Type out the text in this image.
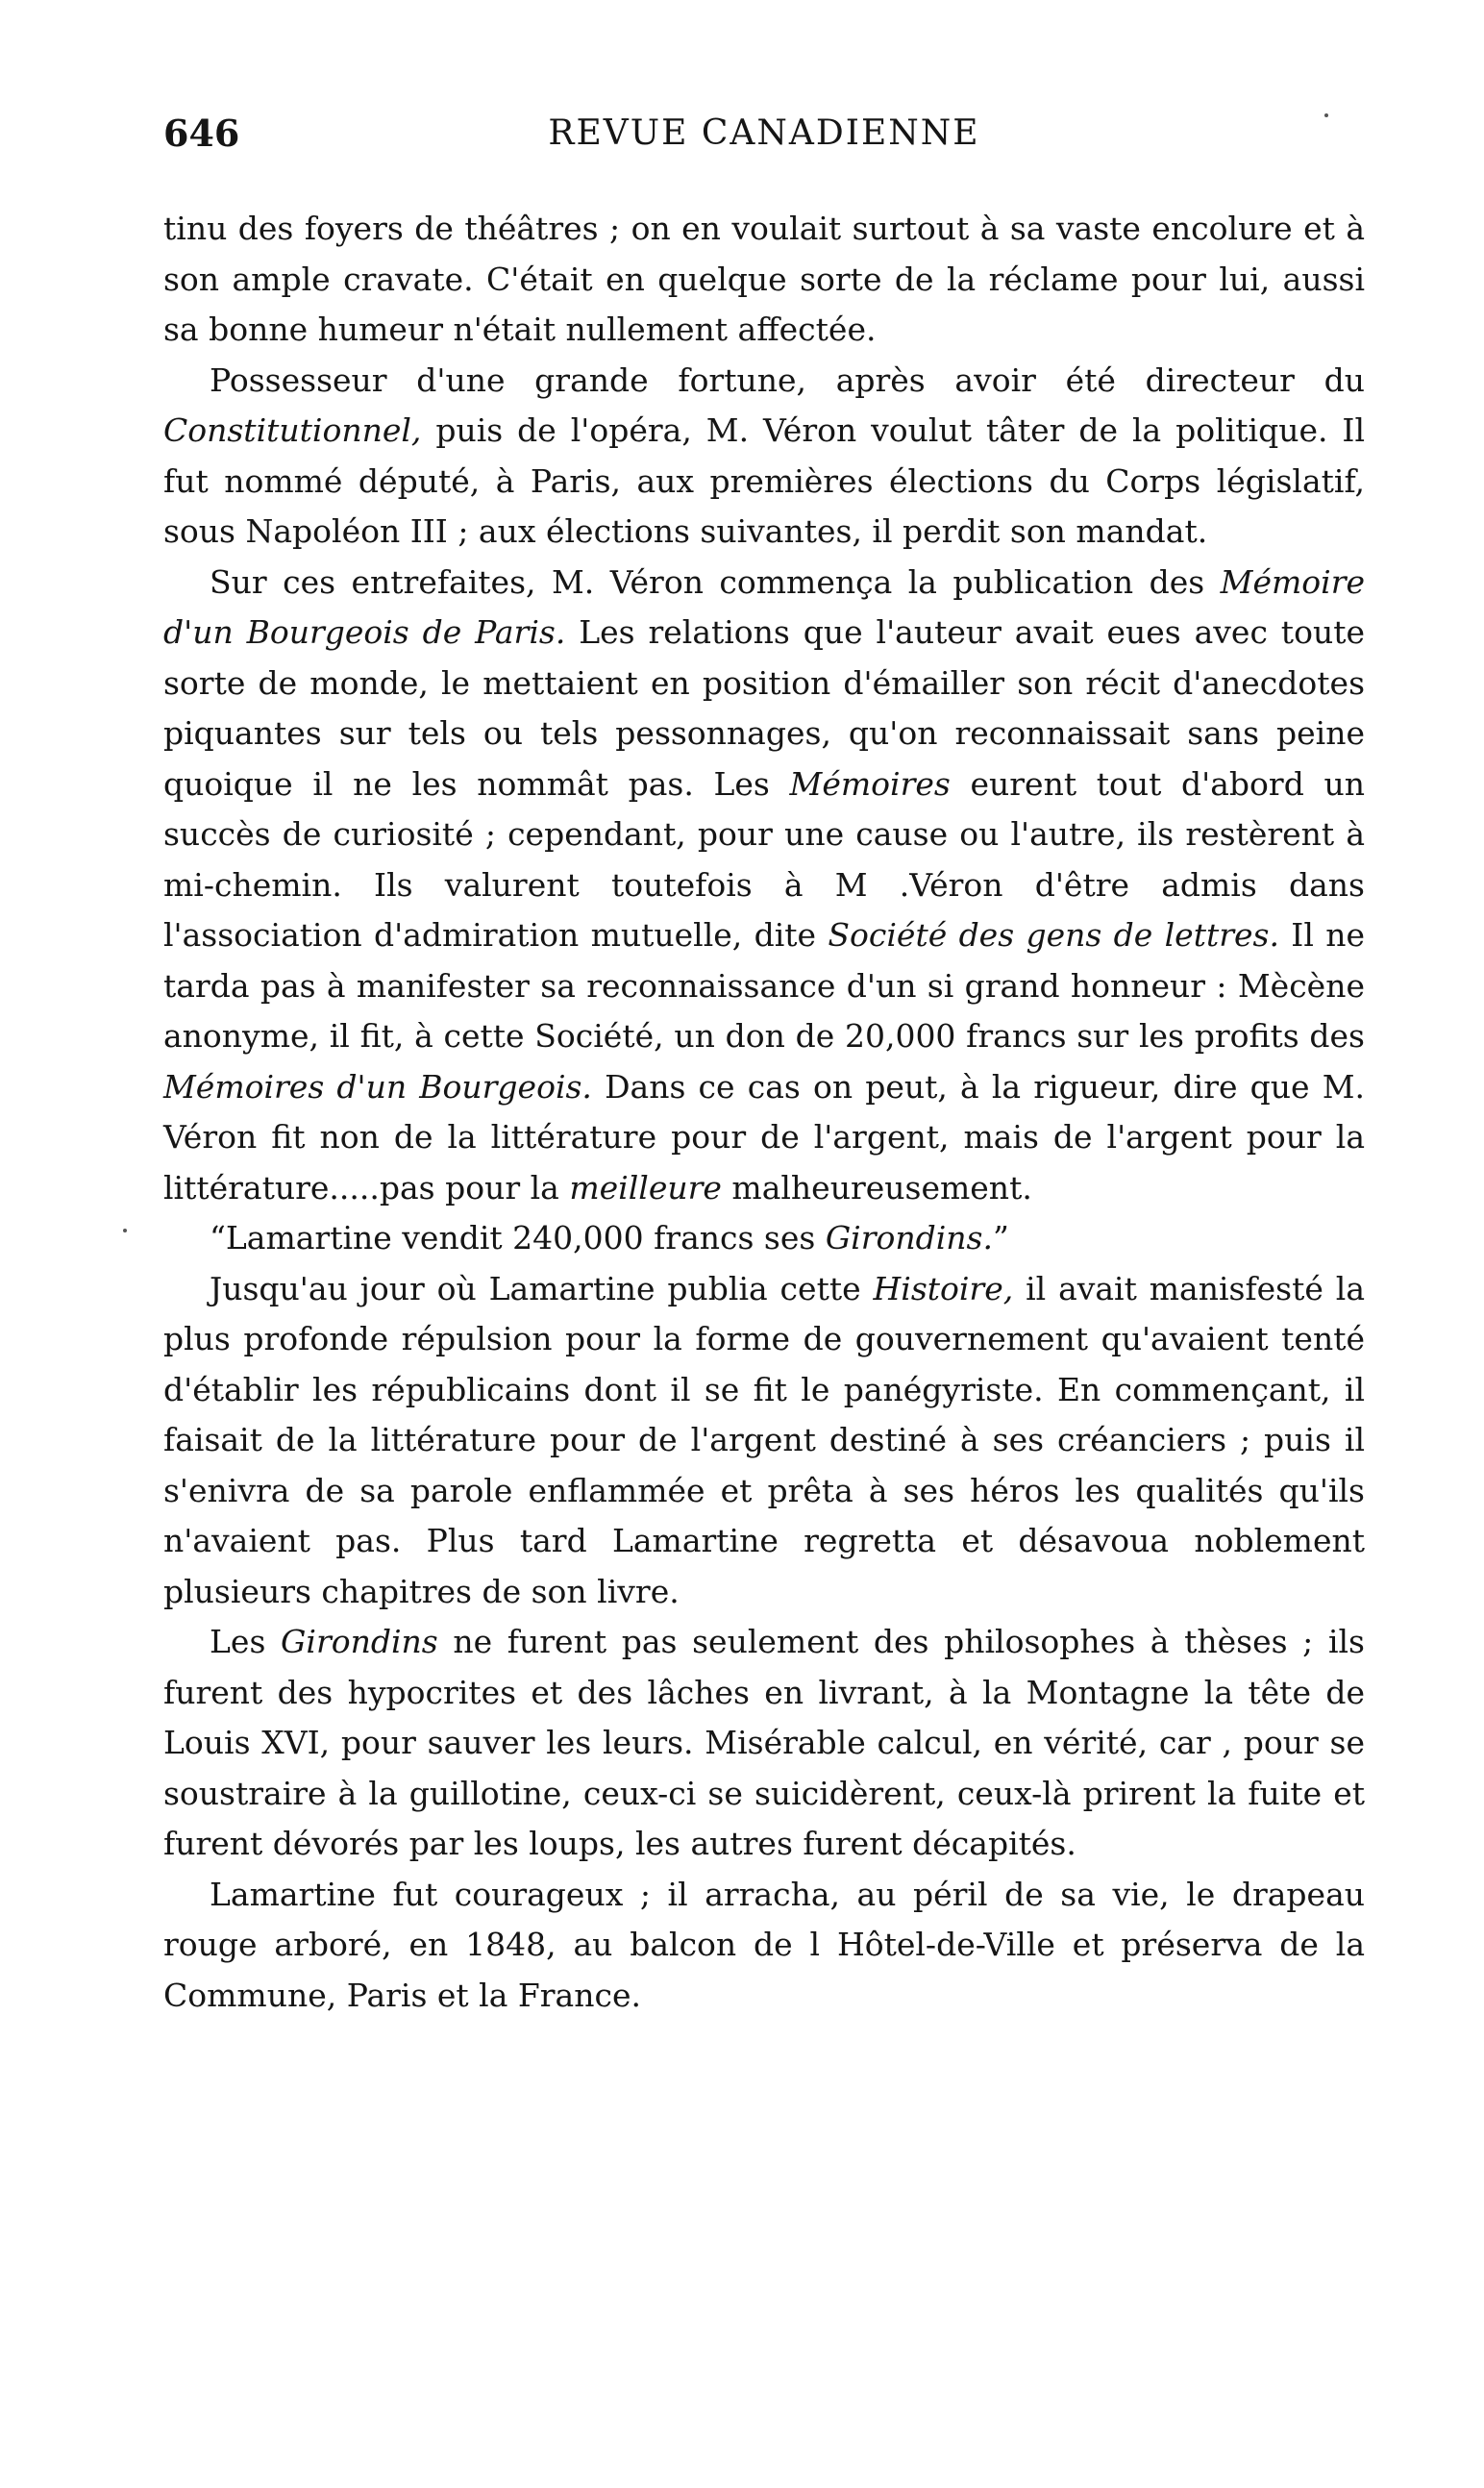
646	REVUE CANADIENNE

tinu des foyers de théâtres ; on en voulait surtout à sa vaste encolure et à son ample cravate. C'était en quelque sorte de la réclame pour lui, aussi sa bonne humeur n'était nullement affectée.

Possesseur d'une grande fortune, après avoir été directeur du Constitutionnel, puis de l'opéra, M. Véron voulut tâter de la politique. Il fut nommé député, à Paris, aux premières élections du Corps législatif, sous Napoléon III ; aux élections suivantes, il perdit son mandat.

Sur ces entrefaites, M. Véron commença la publication des Mémoire d'un Bourgeois de Paris. Les relations que l'auteur avait eues avec toute sorte de monde, le mettaient en position d'émailler son récit d'anecdotes piquantes sur tels ou tels pessonnages, qu'on reconnaissait sans peine quoique il ne les nommât pas. Les Mémoires eurent tout d'abord un succès de curiosité ; cependant, pour une cause ou l'autre, ils restèrent à mi-chemin. Ils valurent toutefois à M .Véron d'être admis dans l'association d'admiration mutuelle, dite Société des gens de lettres. Il ne tarda pas à manifester sa reconnaissance d'un si grand honneur : Mècène anonyme, il fit, à cette Société, un don de 20,000 francs sur les profits des Mémoires d'un Bourgeois. Dans ce cas on peut, à la rigueur, dire que M. Véron fit non de la littérature pour de l'argent, mais de l'argent pour la littérature.....pas pour la meilleure malheureusement.

“Lamartine vendit 240,000 francs ses Girondins.”

Jusqu'au jour où Lamartine publia cette Histoire, il avait manisfesté la plus profonde répulsion pour la forme de gouvernement qu'avaient tenté d'établir les républicains dont il se fit le panégyriste. En commençant, il faisait de la littérature pour de l'argent destiné à ses créanciers ; puis il s'enivra de sa parole enflammée et prêta à ses héros les qualités qu'ils n'avaient pas. Plus tard Lamartine regretta et désavoua noblement plusieurs chapitres de son livre.

Les Girondins ne furent pas seulement des philosophes à thèses ; ils furent des hypocrites et des lâches en livrant, à la Montagne la tête de Louis XVI, pour sauver les leurs. Misérable calcul, en vérité, car , pour se soustraire à la guillotine, ceux-ci se suicidèrent, ceux-là prirent la fuite et furent dévorés par les loups, les autres furent décapités.

Lamartine fut courageux ; il arracha, au péril de sa vie, le drapeau rouge arboré, en 1848, au balcon de l Hôtel-de-Ville et préserva de la Commune, Paris et la France.
